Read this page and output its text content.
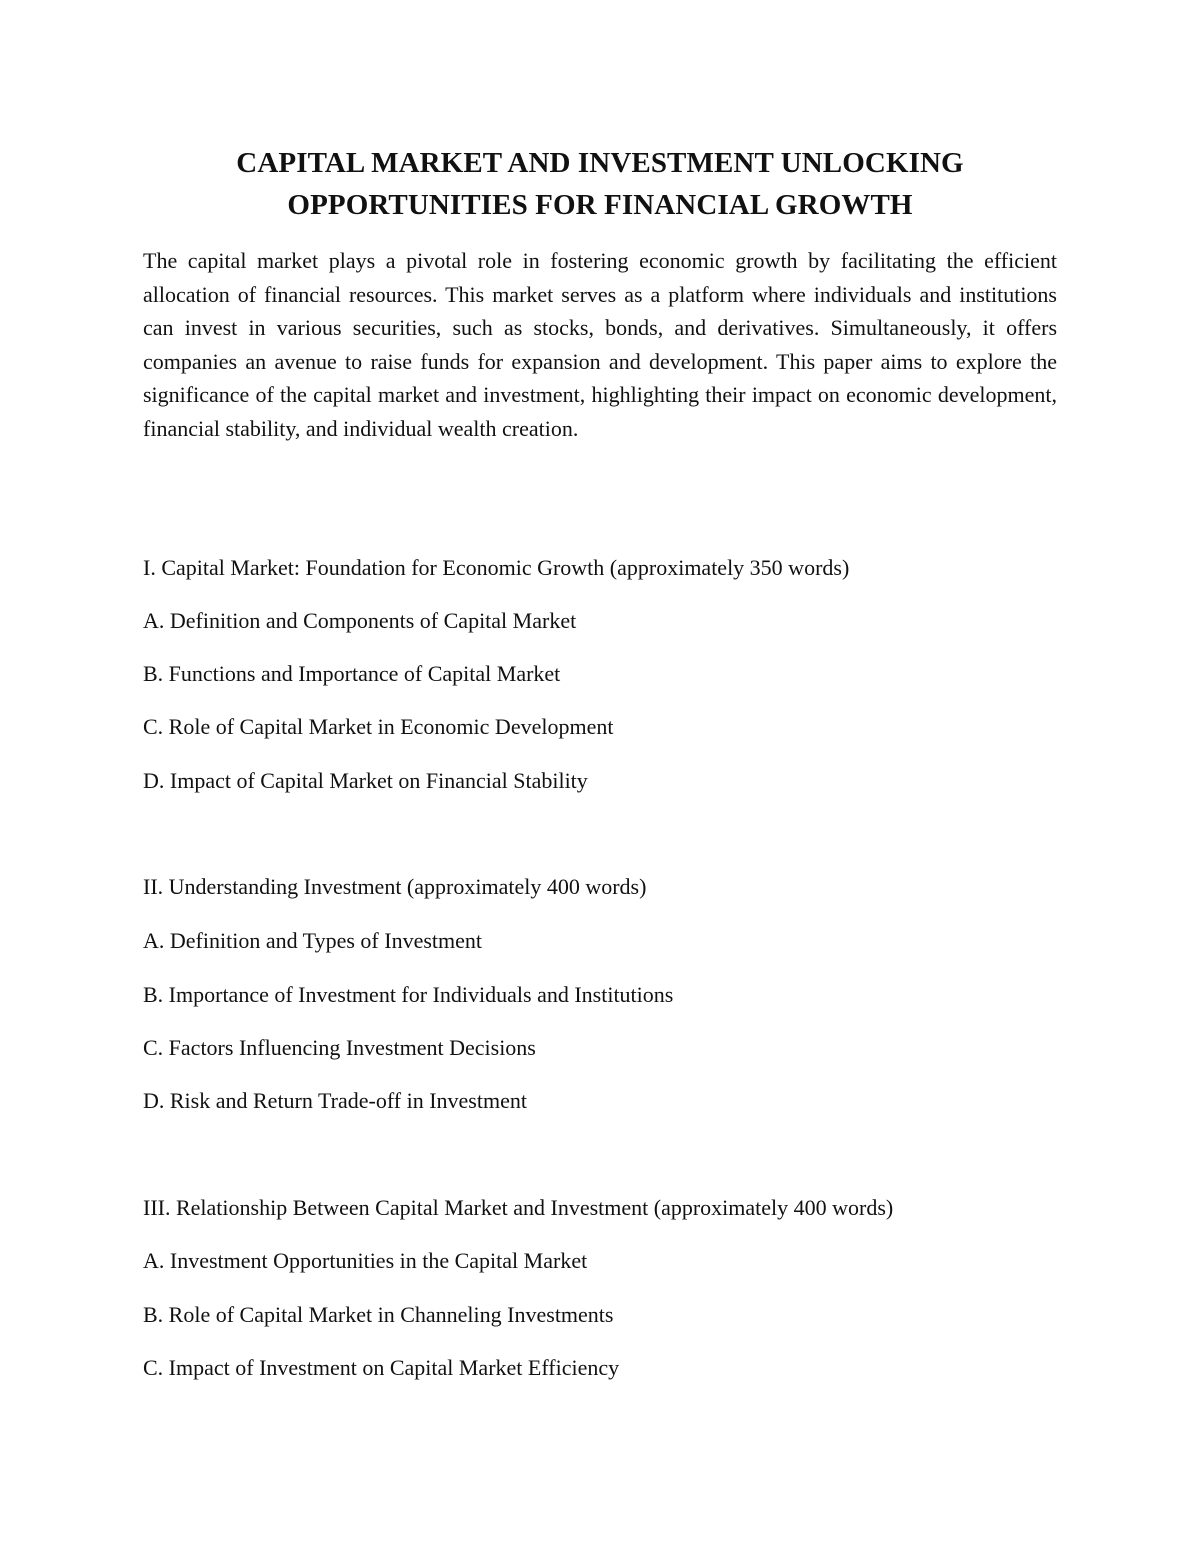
CAPITAL MARKET AND INVESTMENT UNLOCKING
OPPORTUNITIES FOR FINANCIAL GROWTH

The capital market plays a pivotal role in fostering economic growth by facilitating the efficient allocation of financial resources. This market serves as a platform where individuals and institutions can invest in various securities, such as stocks, bonds, and derivatives. Simultaneously, it offers companies an avenue to raise funds for expansion and development. This paper aims to explore the significance of the capital market and investment, highlighting their impact on economic development, financial stability, and individual wealth creation.

I. Capital Market: Foundation for Economic Growth (approximately 350 words)

A. Definition and Components of Capital Market

B. Functions and Importance of Capital Market

C. Role of Capital Market in Economic Development

D. Impact of Capital Market on Financial Stability

II. Understanding Investment (approximately 400 words)

A. Definition and Types of Investment

B. Importance of Investment for Individuals and Institutions

C. Factors Influencing Investment Decisions

D. Risk and Return Trade-off in Investment

III. Relationship Between Capital Market and Investment (approximately 400 words)

A. Investment Opportunities in the Capital Market

B. Role of Capital Market in Channeling Investments

C. Impact of Investment on Capital Market Efficiency
